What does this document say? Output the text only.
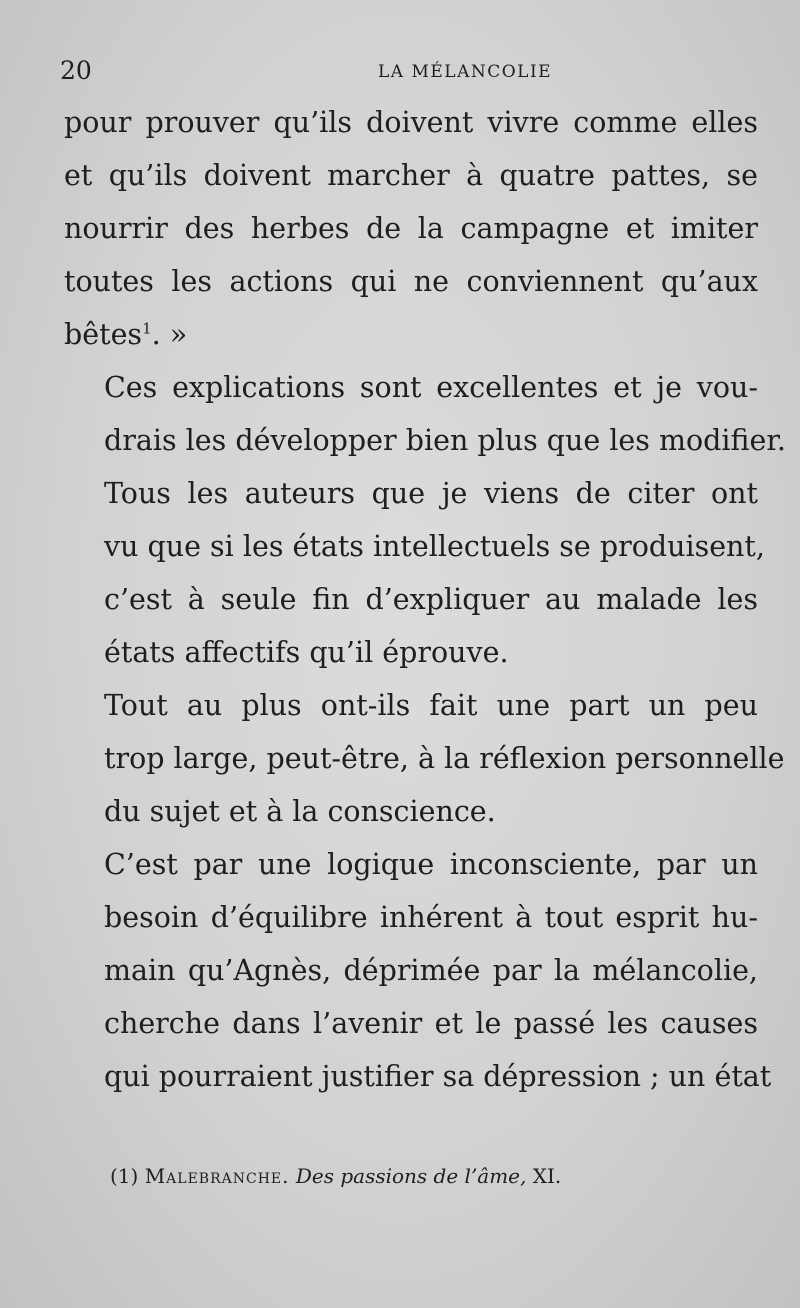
20	LA MÉLANCOLIE

pour prouver qu’ils doivent vivre comme elles
et qu’ils doivent marcher à quatre pattes, se
nourrir des herbes de la campagne et imiter
toutes les actions qui ne conviennent qu’aux
bêtes$^1$. »

Ces explications sont excellentes et je vou-
drais les développer bien plus que les modifier.

Tous les auteurs que je viens de citer ont
vu que si les états intellectuels se produisent,
c’est à seule fin d’expliquer au malade les
états affectifs qu’il éprouve.

Tout au plus ont-ils fait une part un peu
trop large, peut-être, à la réflexion personnelle
du sujet et à la conscience.

C’est par une logique inconsciente, par un
besoin d’équilibre inhérent à tout esprit hu-
main qu’Agnès, déprimée par la mélancolie,
cherche dans l’avenir et le passé les causes
qui pourraient justifier sa dépression ; un état

(1) Malebranche. Des passions de l’âme, XI.
